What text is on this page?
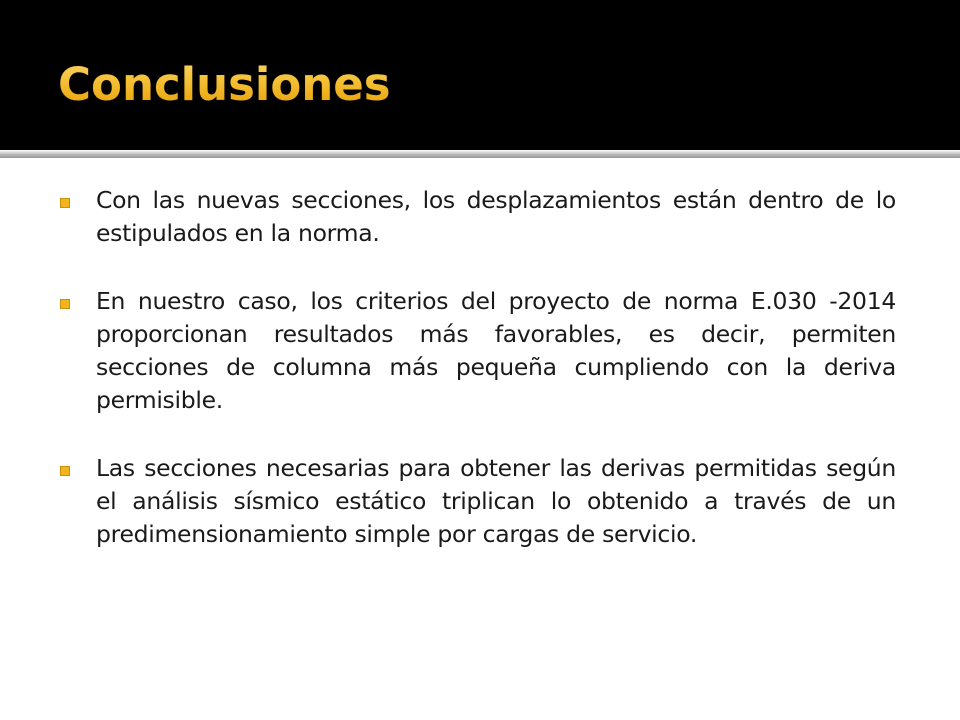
Conclusiones
Con las nuevas secciones, los desplazamientos están dentro de lo estipulados en la norma.
En nuestro caso, los criterios del proyecto de norma E.030 -2014 proporcionan resultados más favorables, es decir, permiten secciones de columna más pequeña cumpliendo con la deriva permisible.
Las secciones necesarias para obtener las derivas permitidas según el análisis sísmico estático triplican lo obtenido a través de un predimensionamiento simple por cargas de servicio.
